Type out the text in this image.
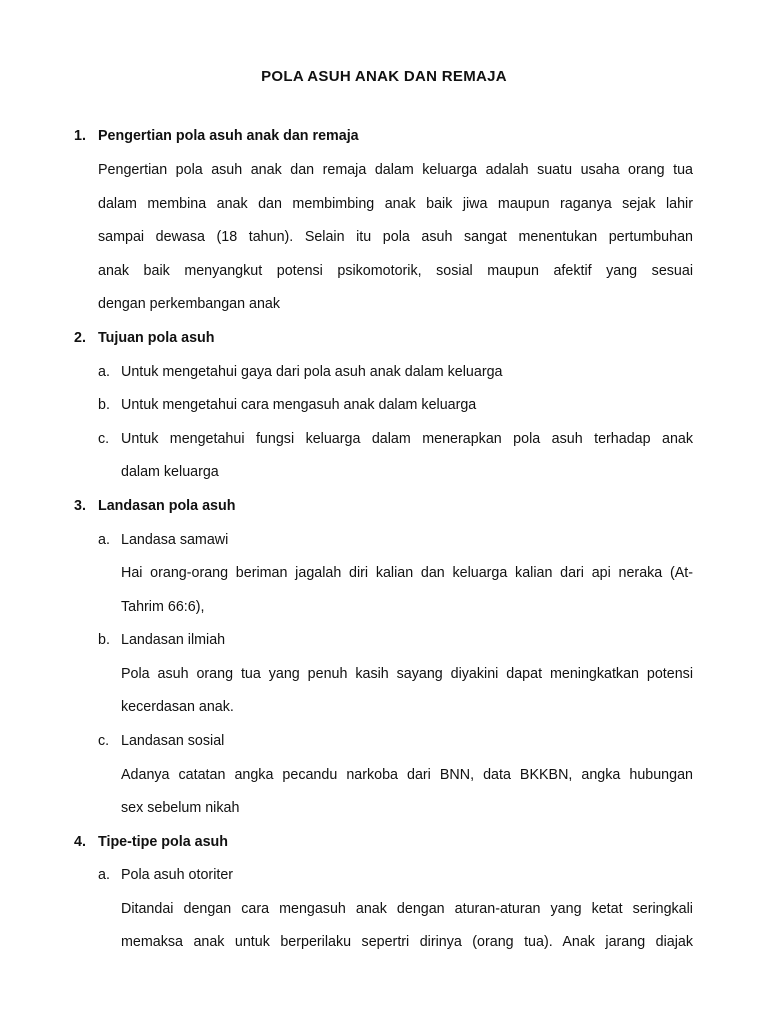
POLA ASUH ANAK DAN REMAJA
1. Pengertian pola asuh anak dan remaja
Pengertian pola asuh anak dan remaja dalam keluarga adalah suatu usaha orang tua
dalam membina anak dan membimbing anak baik jiwa maupun raganya sejak lahir
sampai dewasa (18 tahun). Selain itu pola asuh sangat menentukan pertumbuhan
anak baik menyangkut potensi psikomotorik, sosial maupun afektif yang sesuai
dengan perkembangan anak
2. Tujuan pola asuh
a. Untuk mengetahui gaya dari pola asuh anak dalam keluarga
b. Untuk mengetahui cara mengasuh anak dalam keluarga
c. Untuk mengetahui fungsi keluarga dalam menerapkan pola asuh terhadap anak
dalam keluarga
3. Landasan pola asuh
a. Landasa samawi
Hai orang-orang beriman jagalah diri kalian dan keluarga kalian dari api neraka (At-
Tahrim 66:6),
b. Landasan ilmiah
Pola asuh orang tua yang penuh kasih sayang diyakini dapat meningkatkan potensi
kecerdasan anak.
c. Landasan sosial
Adanya catatan angka pecandu narkoba dari BNN, data BKKBN, angka hubungan
sex sebelum nikah
4. Tipe-tipe pola asuh
a. Pola asuh otoriter
Ditandai dengan cara mengasuh anak dengan aturan-aturan yang ketat seringkali
memaksa anak untuk berperilaku sepertri dirinya (orang tua). Anak jarang diajak
